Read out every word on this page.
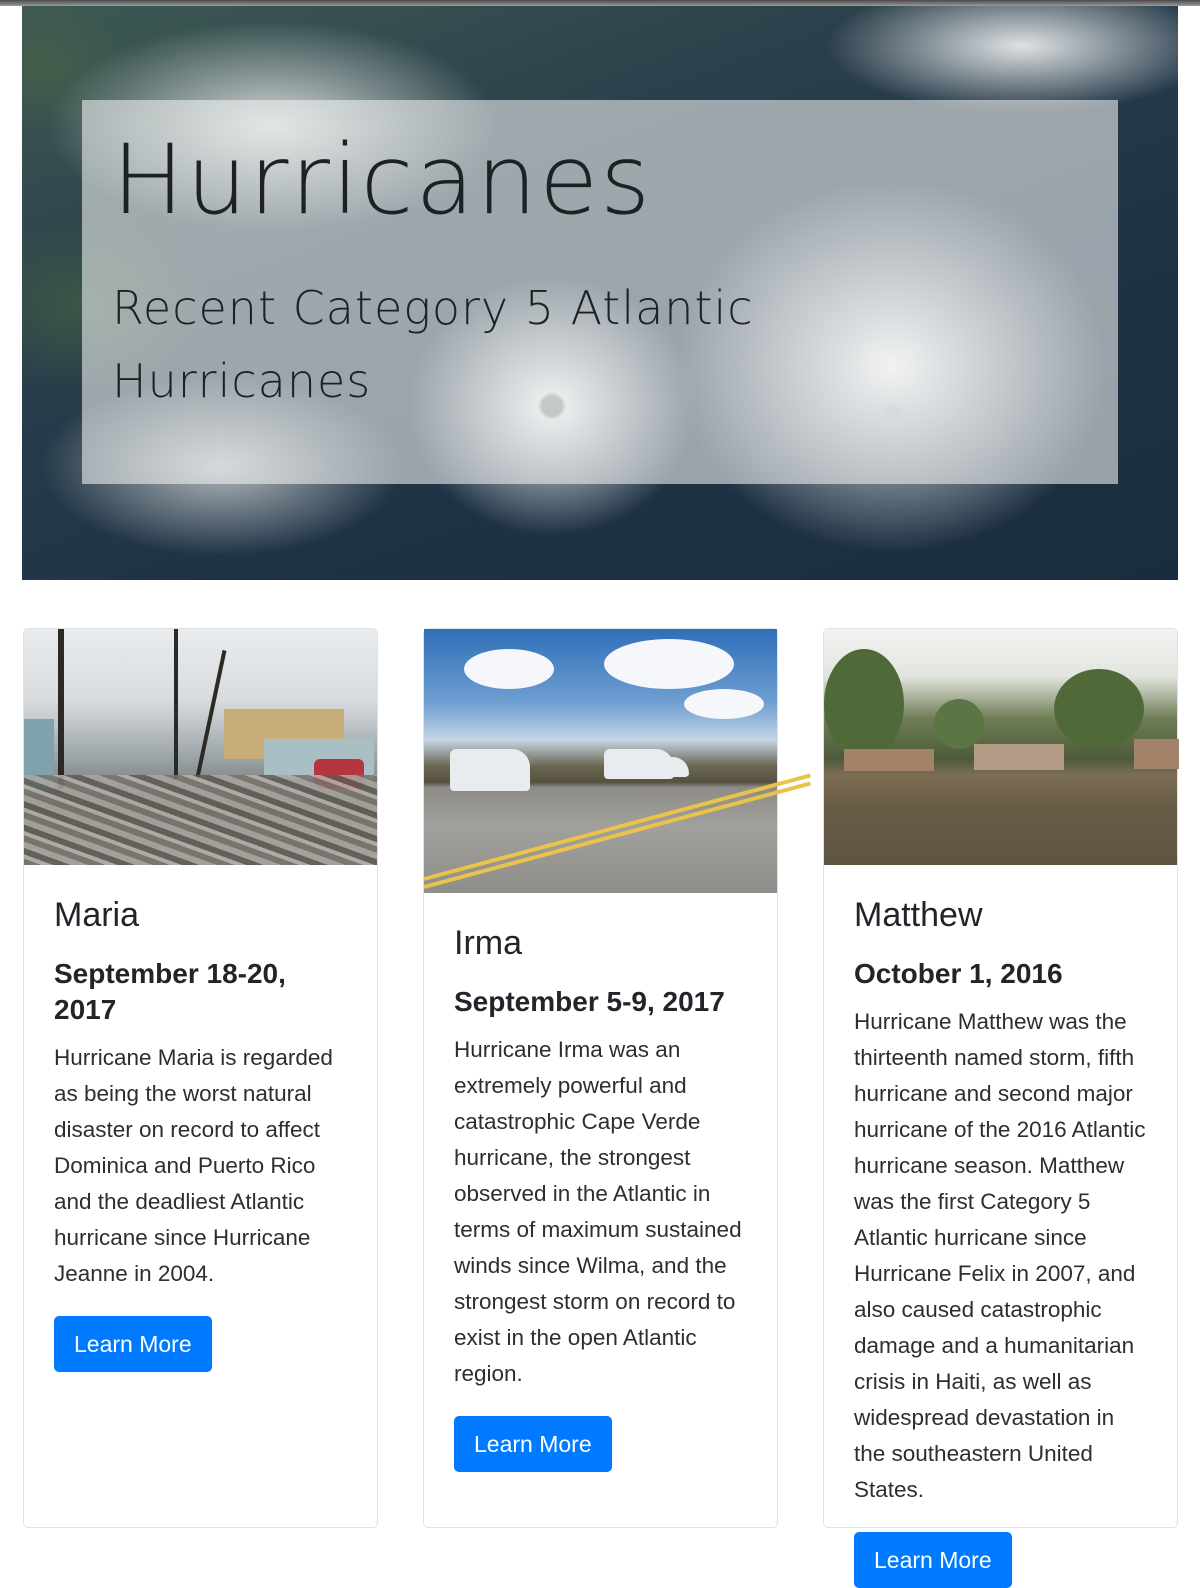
Hurricanes
Recent Category 5 Atlantic Hurricanes
Maria
September 18-20, 2017

Hurricane Maria is regarded as being the worst natural disaster on record to affect Dominica and Puerto Rico and the deadliest Atlantic hurricane since Hurricane Jeanne in 2004.

Learn More
Irma
September 5-9, 2017

Hurricane Irma was an extremely powerful and catastrophic Cape Verde hurricane, the strongest observed in the Atlantic in terms of maximum sustained winds since Wilma, and the strongest storm on record to exist in the open Atlantic region.

Learn More
Matthew
October 1, 2016

Hurricane Matthew was the thirteenth named storm, fifth hurricane and second major hurricane of the 2016 Atlantic hurricane season. Matthew was the first Category 5 Atlantic hurricane since Hurricane Felix in 2007, and also caused catastrophic damage and a humanitarian crisis in Haiti, as well as widespread devastation in the southeastern United States.

Learn More
